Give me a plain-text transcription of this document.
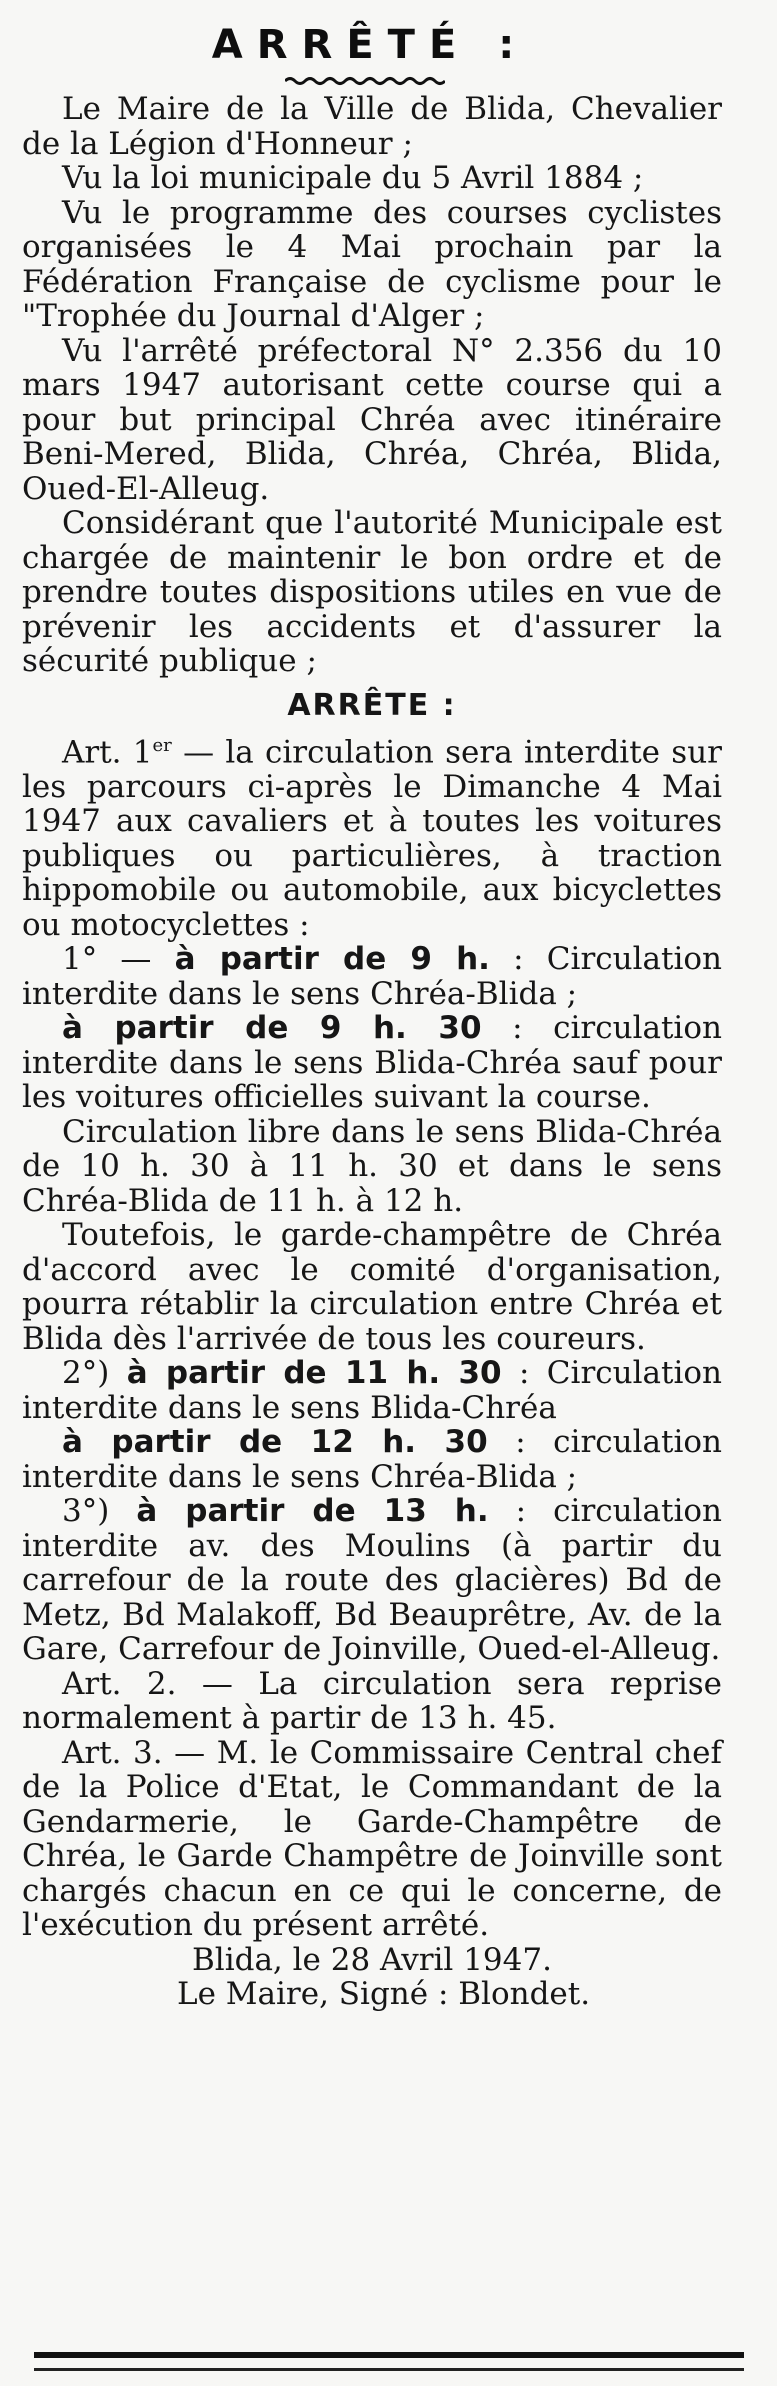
ARRÊTÉ :

Le Maire de la Ville de Blida, Chevalier de la Légion d'Honneur ;

Vu la loi municipale du 5 Avril 1884 ;

Vu le programme des courses cyclistes organisées le 4 Mai prochain par la Fédération Française de cyclisme pour le "Trophée du Journal d'Alger ;

Vu l'arrêté préfectoral N° 2.356 du 10 mars 1947 autorisant cette course qui a pour but principal Chréa avec itinéraire Beni-Mered, Blida, Chréa, Chréa, Blida, Oued-El-Alleug.

Considérant que l'autorité Municipale est chargée de maintenir le bon ordre et de prendre toutes dispositions utiles en vue de prévenir les accidents et d'assurer la sécurité publique ;

ARRÊTE :

Art. 1er — la circulation sera interdite sur les parcours ci-après le Dimanche 4 Mai 1947 aux cavaliers et à toutes les voitures publiques ou particulières, à traction hippomobile ou automobile, aux bicyclettes ou motocyclettes :

1° — à partir de 9 h. : Circulation interdite dans le sens Chréa-Blida ;

à partir de 9 h. 30 : circulation interdite dans le sens Blida-Chréa sauf pour les voitures officielles suivant la course.

Circulation libre dans le sens Blida-Chréa de 10 h. 30 à 11 h. 30 et dans le sens Chréa-Blida de 11 h. à 12 h.

Toutefois, le garde-champêtre de Chréa d'accord avec le comité d'organisation, pourra rétablir la circulation entre Chréa et Blida dès l'arrivée de tous les coureurs.

2°) à partir de 11 h. 30 : Circulation interdite dans le sens Blida-Chréa

à partir de 12 h. 30 : circulation interdite dans le sens Chréa-Blida ;

3°) à partir de 13 h. : circulation interdite av. des Moulins (à partir du carrefour de la route des glacières) Bd de Metz, Bd Malakoff, Bd Beauprêtre, Av. de la Gare, Carrefour de Joinville, Oued-el-Alleug.

Art. 2. — La circulation sera reprise normalement à partir de 13 h. 45.

Art. 3. — M. le Commissaire Central chef de la Police d'Etat, le Commandant de la Gendarmerie, le Garde-Champêtre de Chréa, le Garde Champêtre de Joinville sont chargés chacun en ce qui le concerne, de l'exécution du présent arrêté.

Blida, le 28 Avril 1947.

Le Maire, Signé : Blondet.
